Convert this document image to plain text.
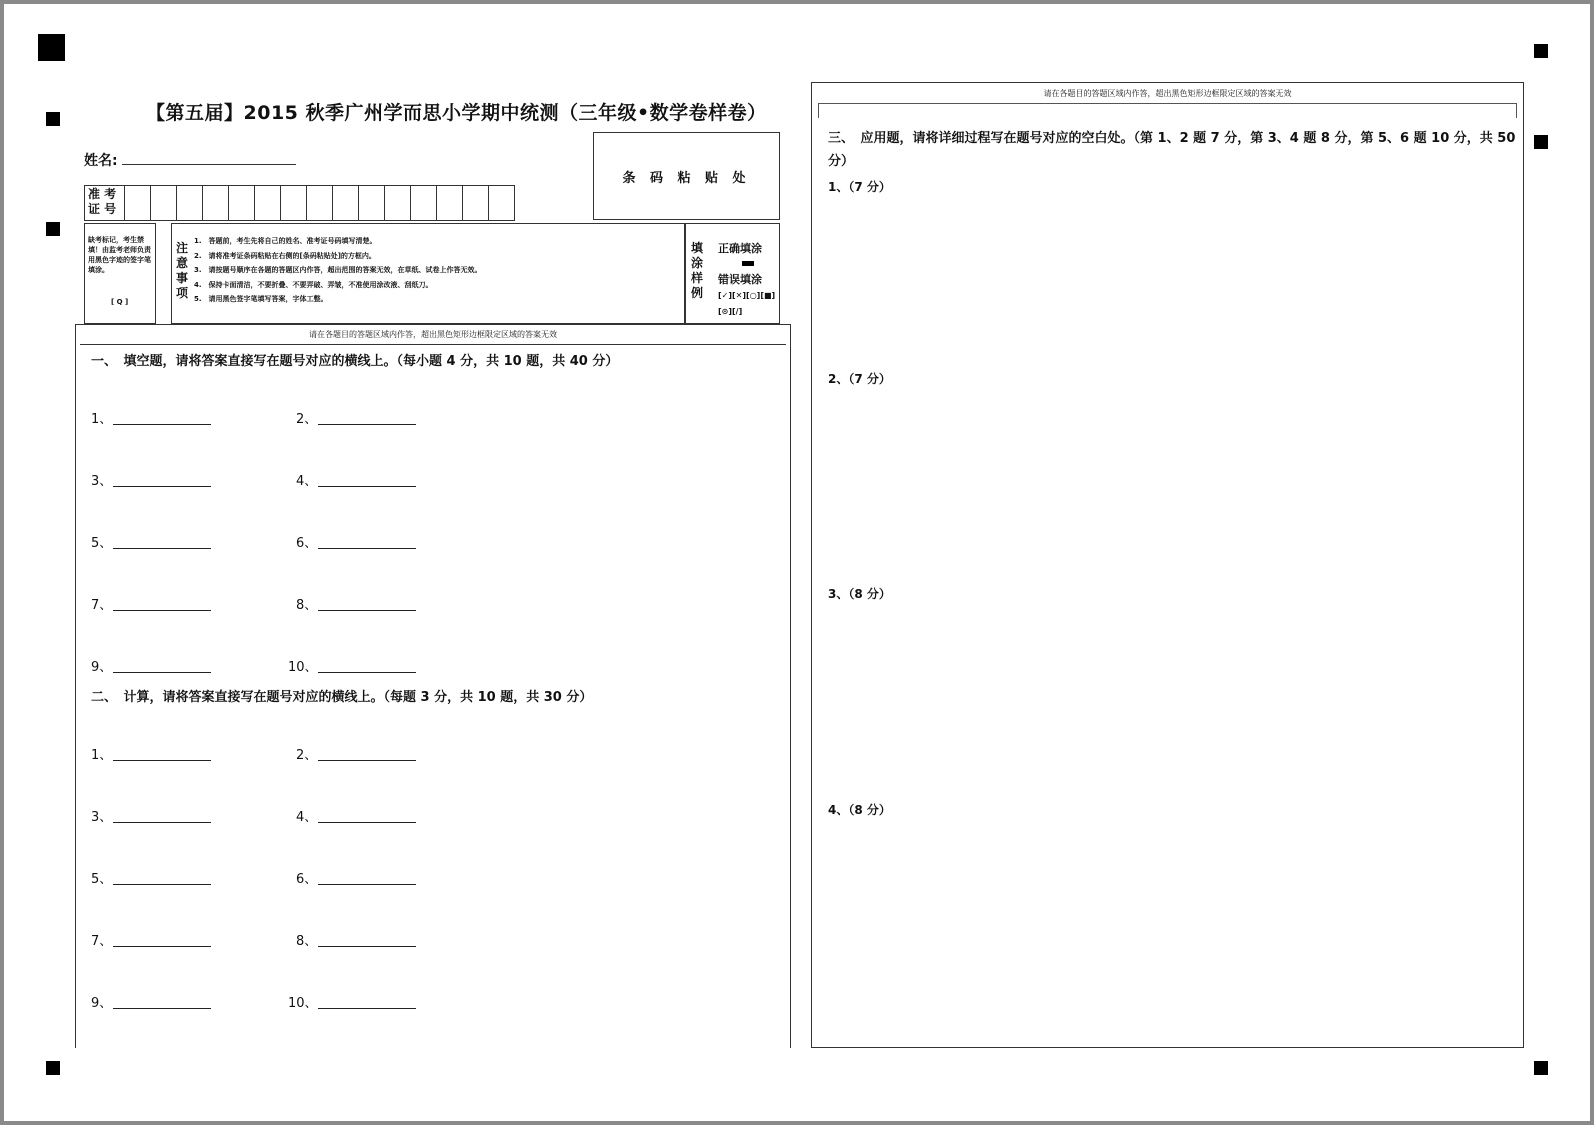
【第五届】2015 秋季广州学而思小学期中统测（三年级•数学卷样卷）
姓名:
准 考 证 号
条 码 粘 贴 处
缺考标记，考生禁填！由监考老师负责用黑色字迹的签字笔填涂。
[ Q ]
注 意 事 项
1.　答题前，考生先将自己的姓名、准考证号码填写清楚。
2.　请将准考证条码粘贴在右侧的[条码粘贴处]的方框内。
3.　请按题号顺序在各题的答题区内作答，超出范围的答案无效，在草纸、试卷上作答无效。
4.　保持卡面清洁，不要折叠、不要弄破、弄皱，不准使用涂改液、刮纸刀。
5.　请用黑色签字笔填写答案，字体工整。
填 涂 样 例
正确填涂
错误填涂
[✓][✕][○][■][⊙][/]
请在各题目的答题区域内作答，超出黑色矩形边框限定区域的答案无效
一、　填空题，请将答案直接写在题号对应的横线上。（每小题 4 分，共 10 题，共 40 分）
1、	2、
3、	4、
5、	6、
7、	8、
9、	10、
二、　计算，请将答案直接写在题号对应的横线上。（每题 3 分，共 10 题，共 30 分）
1、	2、
3、	4、
5、	6、
7、	8、
9、	10、
请在各题目的答题区域内作答，超出黑色矩形边框限定区域的答案无效
三、　应用题，请将详细过程写在题号对应的空白处。（第 1、2 题 7 分，第 3、4 题 8 分，第 5、6 题 10 分，共 50 分）
1、（7 分）
2、（7 分）
3、（8 分）
4、（8 分）
